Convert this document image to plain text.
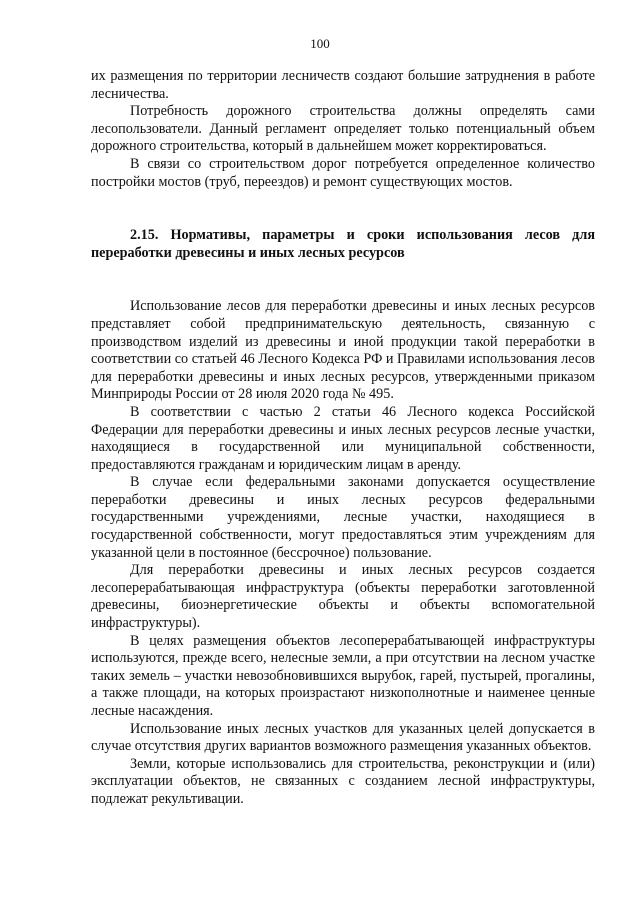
100

их размещения по территории лесничеств создают большие затруднения в работе лесничества.

Потребность дорожного строительства должны определять сами лесопользователи. Данный регламент определяет только потенциальный объем дорожного строительства, который в дальнейшем может корректироваться.

В связи со строительством дорог потребуется определенное количество постройки мостов (труб, переездов) и ремонт существующих мостов.

2.15. Нормативы, параметры и сроки использования лесов для переработки древесины и иных лесных ресурсов

Использование лесов для переработки древесины и иных лесных ресурсов представляет собой предпринимательскую деятельность, связанную с производством изделий из древесины и иной продукции такой переработки в соответствии со статьей 46 Лесного Кодекса РФ и Правилами использования лесов для переработки древесины и иных лесных ресурсов, утвержденными приказом Минприроды России от 28 июля 2020 года № 495.

В соответствии с частью 2 статьи 46 Лесного кодекса Российской Федерации для переработки древесины и иных лесных ресурсов лесные участки, находящиеся в государственной или муниципальной собственности, предоставляются гражданам и юридическим лицам в аренду.

В случае если федеральными законами допускается осуществление переработки древесины и иных лесных ресурсов федеральными государственными учреждениями, лесные участки, находящиеся в государственной собственности, могут предоставляться этим учреждениям для указанной цели в постоянное (бессрочное) пользование.

Для переработки древесины и иных лесных ресурсов создается лесоперерабатывающая инфраструктура (объекты переработки заготовленной древесины, биоэнергетические объекты и объекты вспомогательной инфраструктуры).

В целях размещения объектов лесоперерабатывающей инфраструктуры используются, прежде всего, нелесные земли, а при отсутствии на лесном участке таких земель – участки невозобновившихся вырубок, гарей, пустырей, прогалины, а также площади, на которых произрастают низкополнотные и наименее ценные лесные насаждения.

Использование иных лесных участков для указанных целей допускается в случае отсутствия других вариантов возможного размещения указанных объектов.

Земли, которые использовались для строительства, реконструкции и (или) эксплуатации объектов, не связанных с созданием лесной инфраструктуры, подлежат рекультивации.
